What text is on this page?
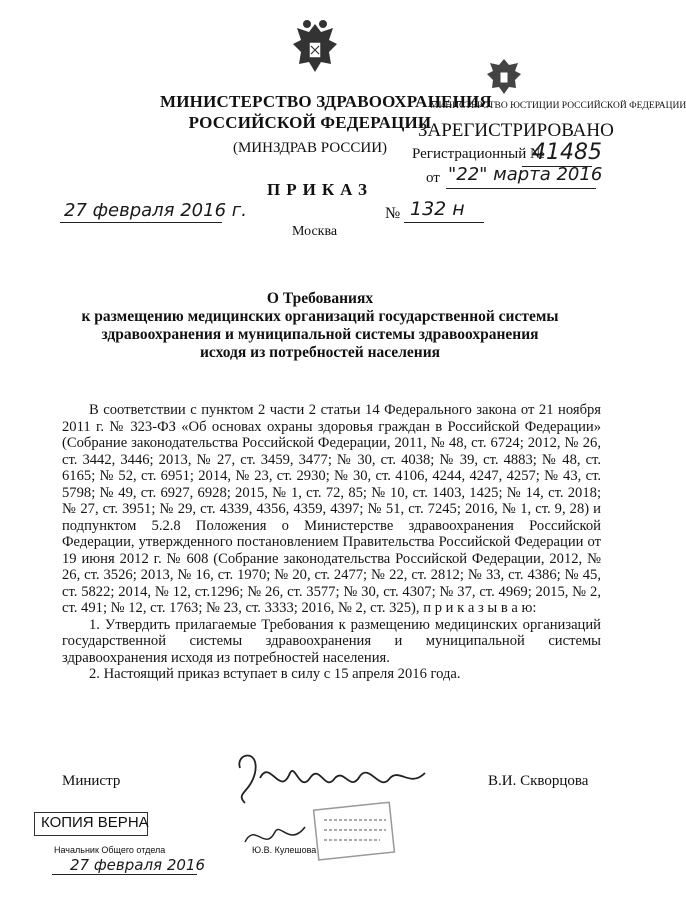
МИНИСТЕРСТВО ЗДРАВООХРАНЕНИЯ
РОССИЙСКОЙ ФЕДЕРАЦИИ
(МИНЗДРАВ РОССИИ)
МИНИСТЕРСТВО ЮСТИЦИИ РОССИЙСКОЙ ФЕДЕРАЦИИ
ЗАРЕГИСТРИРОВАНО
Регистрационный №
41485
от "22" марта 2016
ПРИКАЗ
27 февраля 2016 г.
Москва
№ 132 н
О Требованиях
к размещению медицинских организаций государственной системы
здравоохранения и муниципальной системы здравоохранения
исходя из потребностей населения

В соответствии с пунктом 2 части 2 статьи 14 Федерального закона от 21 ноября 2011 г. № 323-ФЗ «Об основах охраны здоровья граждан в Российской Федерации» (Собрание законодательства Российской Федерации, 2011, № 48, ст. 6724; 2012, № 26, ст. 3442, 3446; 2013, № 27, ст. 3459, 3477; № 30, ст. 4038; № 39, ст. 4883; № 48, ст. 6165; № 52, ст. 6951; 2014, № 23, ст. 2930; № 30, ст. 4106, 4244, 4247, 4257; № 43, ст. 5798; № 49, ст. 6927, 6928; 2015, № 1, ст. 72, 85; № 10, ст. 1403, 1425; № 14, ст. 2018; № 27, ст. 3951; № 29, ст. 4339, 4356, 4359, 4397; № 51, ст. 7245; 2016, № 1, ст. 9, 28) и подпунктом 5.2.8 Положения о Министерстве здравоохранения Российской Федерации, утвержденного постановлением Правительства Российской Федерации от 19 июня 2012 г. № 608 (Собрание законодательства Российской Федерации, 2012, № 26, ст. 3526; 2013, № 16, ст. 1970; № 20, ст. 2477; № 22, ст. 2812; № 33, ст. 4386; № 45, ст. 5822; 2014, № 12, ст.1296; № 26, ст. 3577; № 30, ст. 4307; № 37, ст. 4969; 2015, № 2, ст. 491; № 12, ст. 1763; № 23, ст. 3333; 2016, № 2, ст. 325), п р и к а з ы в а ю:

1. Утвердить прилагаемые Требования к размещению медицинских организаций государственной системы здравоохранения и муниципальной системы здравоохранения исходя из потребностей населения.

2. Настоящий приказ вступает в силу с 15 апреля 2016 года.

Министр	В.И. Скворцова
КОПИЯ ВЕРНА
Начальник Общего отдела
27 февраля 2016
Ю.В. Кулешова
